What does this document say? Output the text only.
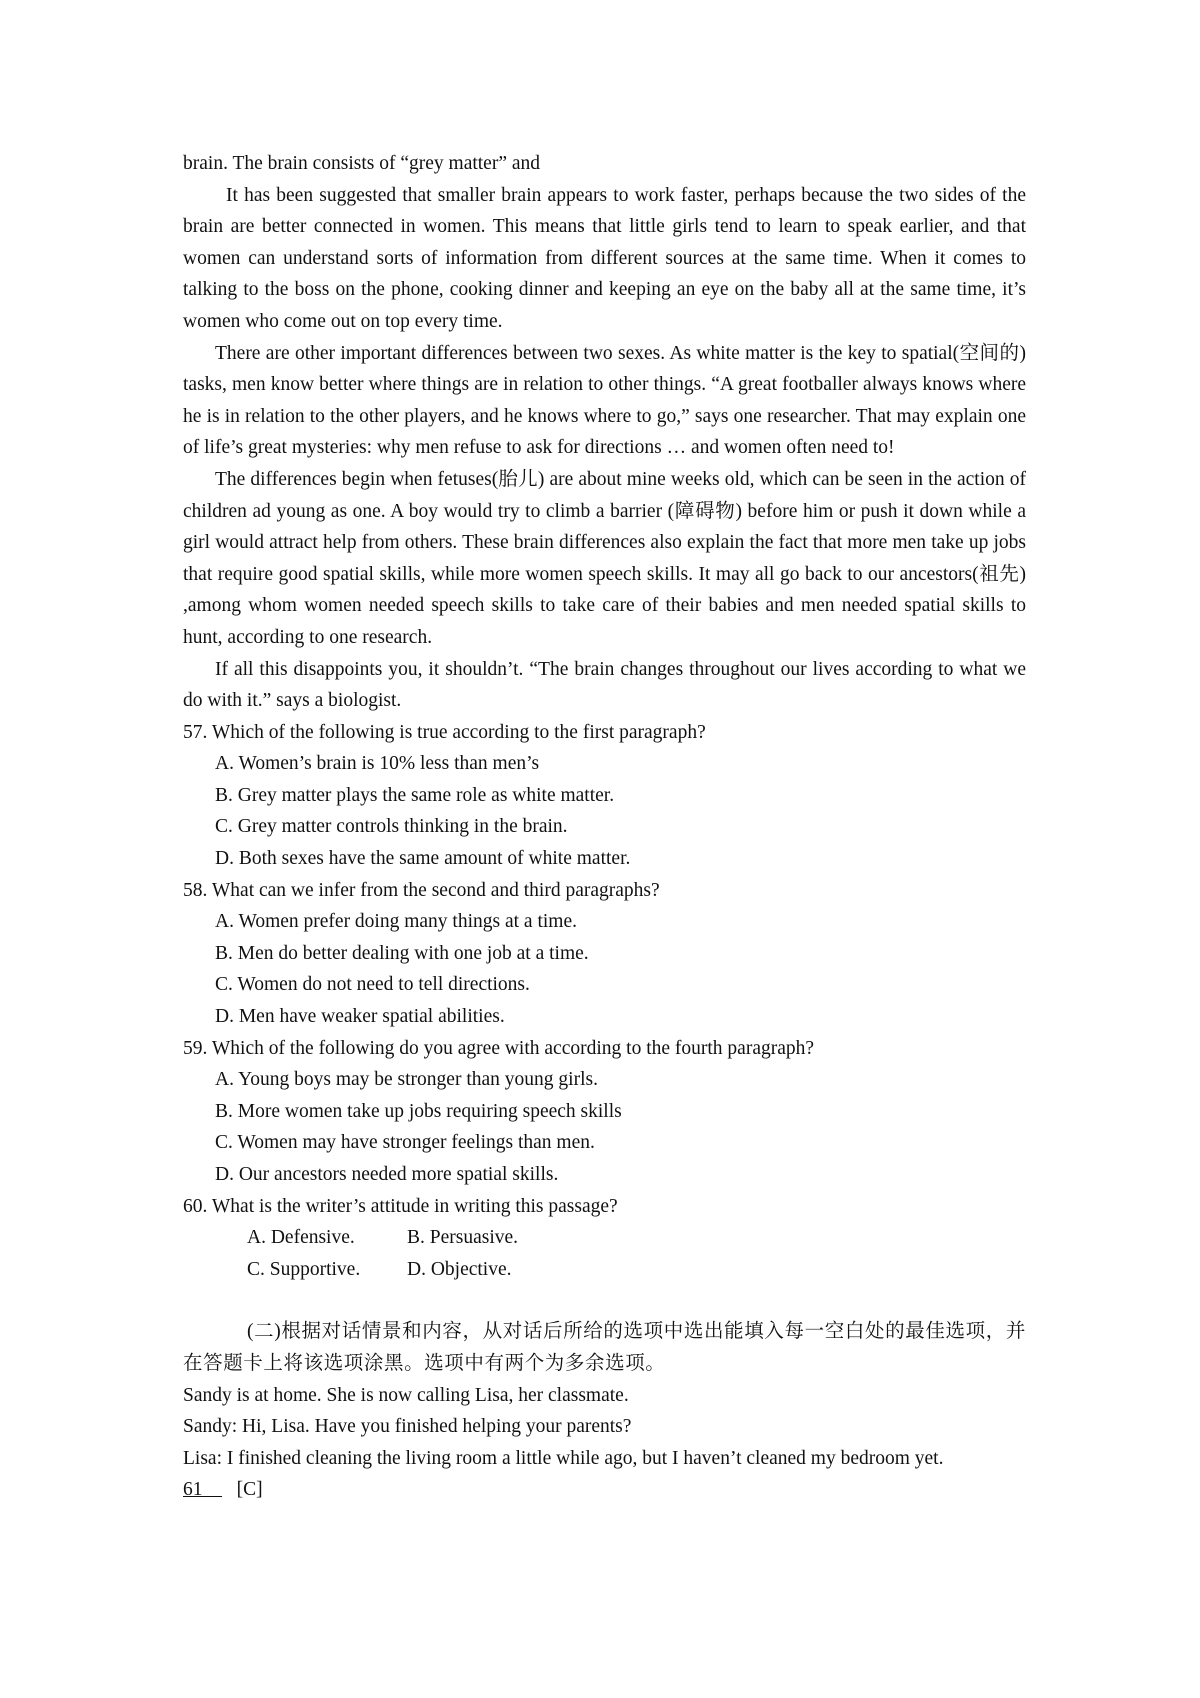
brain. The brain consists of “grey matter” and

It has been suggested that smaller brain appears to work faster, perhaps because the two sides of the brain are better connected in women. This means that little girls tend to learn to speak earlier, and that women can understand sorts of information from different sources at the same time. When it comes to talking to the boss on the phone, cooking dinner and keeping an eye on the baby all at the same time, it’s women who come out on top every time.

There are other important differences between two sexes. As white matter is the key to spatial(空间的) tasks, men know better where things are in relation to other things. “A great footballer always knows where he is in relation to the other players, and he knows where to go,” says one researcher. That may explain one of life’s great mysteries: why men refuse to ask for directions … and women often need to!

The differences begin when fetuses(胎儿) are about mine weeks old, which can be seen in the action of children ad young as one. A boy would try to climb a barrier (障碍物) before him or push it down while a girl would attract help from others. These brain differences also explain the fact that more men take up jobs that require good spatial skills, while more women speech skills. It may all go back to our ancestors(祖先) ,among whom women needed speech skills to take care of their babies and men needed spatial skills to hunt, according to one research.

If all this disappoints you, it shouldn’t. “The brain changes throughout our lives according to what we do with it.” says a biologist.

57. Which of the following is true according to the first paragraph?

A. Women’s brain is 10% less than men’s

B. Grey matter plays the same role as white matter.

C. Grey matter controls thinking in the brain.

D. Both sexes have the same amount of white matter.

58. What can we infer from the second and third paragraphs?

A. Women prefer doing many things at a time.

B. Men do better dealing with one job at a time.

C. Women do not need to tell directions.

D. Men have weaker spatial abilities.

59. Which of the following do you agree with according to the fourth paragraph?

A. Young boys may be stronger than young girls.

B. More women take up jobs requiring speech skills

C. Women may have stronger feelings than men.

D. Our ancestors needed more spatial skills.

60. What is the writer’s attitude in writing this passage?

A. Defensive.	B. Persuasive.

C. Supportive. D. Objective.

(二)根据对话情景和内容，从对话后所给的选项中选出能填入每一空白处的最佳选项，并在答题卡上将该选项涂黑。选项中有两个为多余选项。

Sandy is at home. She is now calling Lisa, her classmate.

Sandy: Hi, Lisa. Have you finished helping your parents?

Lisa: I finished cleaning the living room a little while ago, but I haven’t cleaned my bedroom yet.

61 [C]
